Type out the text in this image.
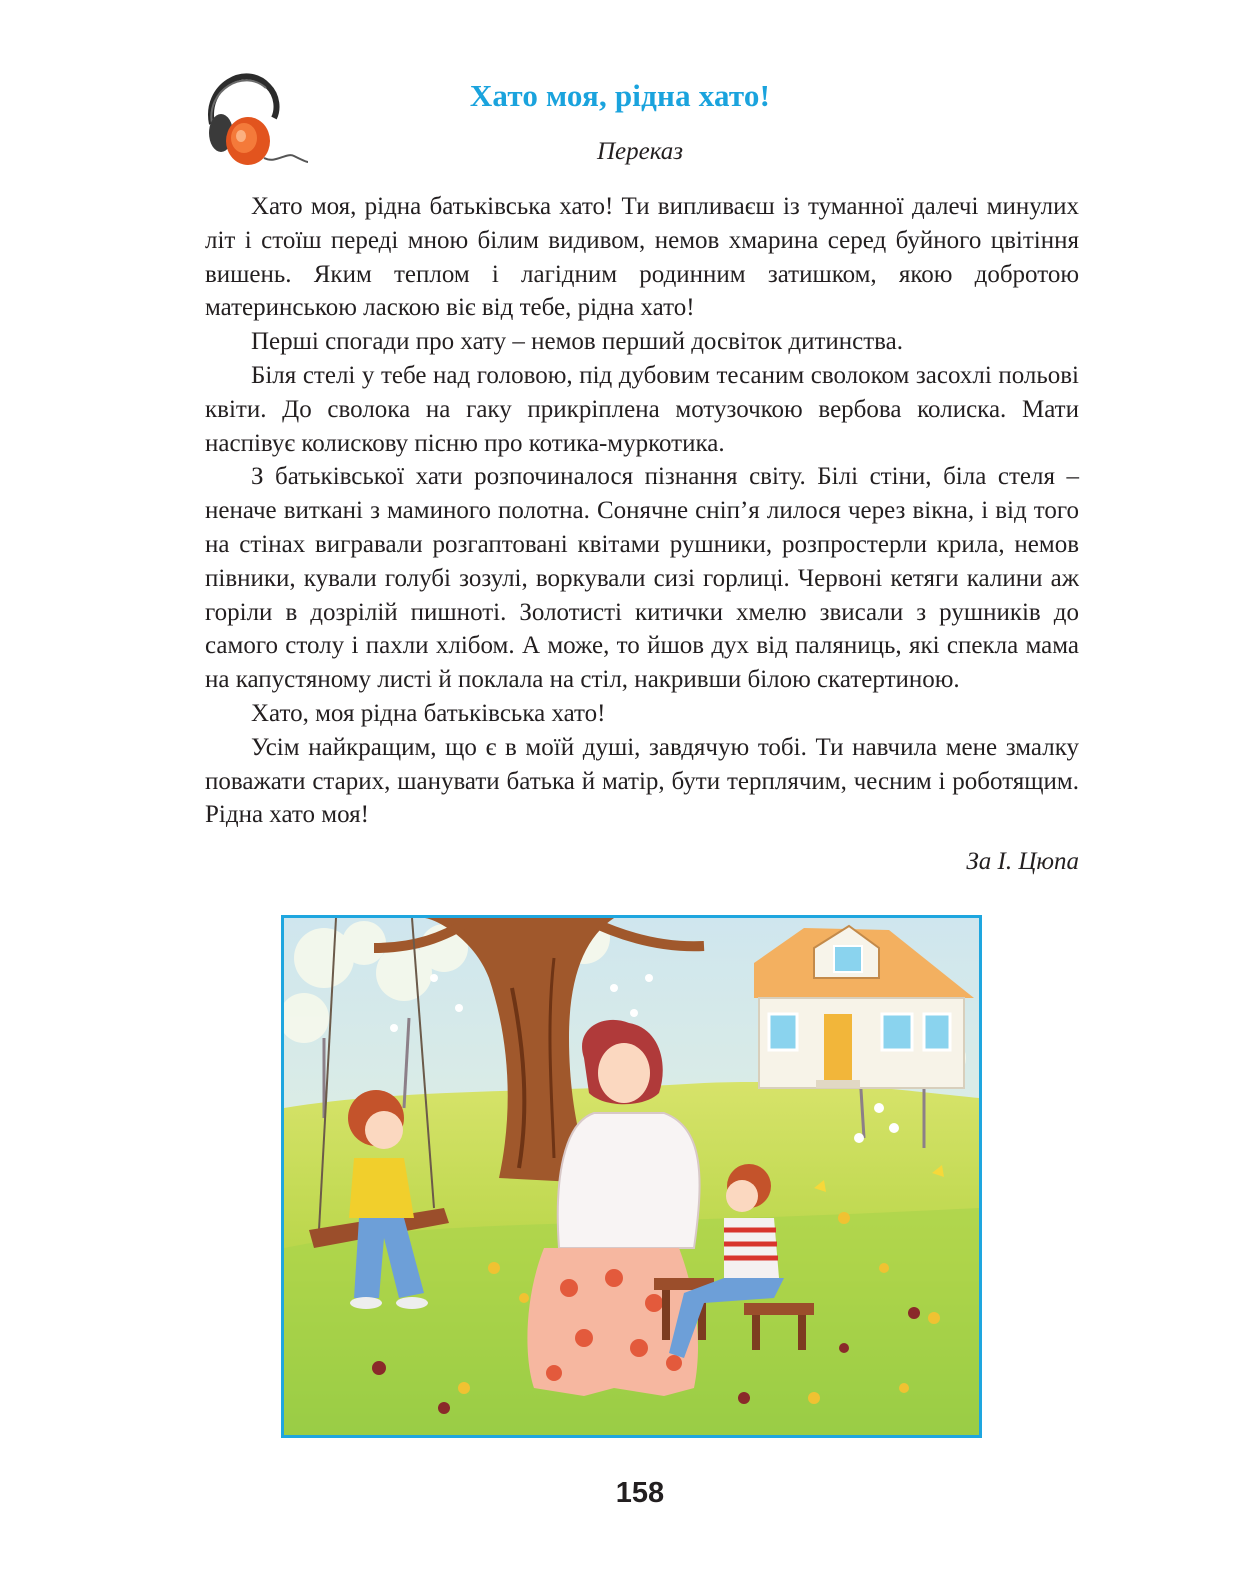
Хато моя, рідна хато!
Переказ

Хато моя, рідна батьківська хато! Ти випливаєш із туманної далечі минулих літ і стоїш переді мною білим видивом, немов хмарина серед буйного цвітіння вишень. Яким теплом і лагідним родинним затишком, якою добротою материнською ласкою віє від тебе, рідна хато!

Перші спогади про хату – немов перший досвіток дитинства.

Біля стелі у тебе над головою, під дубовим тесаним сволоком засохлі польові квіти. До сволока на гаку прикріплена мотузочкою вербова колиска. Мати наспівує колискову пісню про котика-муркотика.

З батьківської хати розпочиналося пізнання світу. Білі стіни, біла стеля – неначе виткані з маминого полотна. Сонячне сніп’я лилося через вікна, і від того на стінах вигравали розгаптовані квітами рушники, розпростерли крила, немов півники, кували голубі зозулі, воркували сизі горлиці. Червоні кетяги калини аж горіли в дозрілій пишноті. Золотисті китички хмелю звисали з рушників до самого столу і пахли хлібом. А може, то йшов дух від паляниць, які спекла мама на капустяному листі й поклала на стіл, накривши білою скатертиною.

Хато, моя рідна батьківська хато!

Усім найкращим, що є в моїй душі, завдячую тобі. Ти навчила мене змалку поважати старих, шанувати батька й матір, бути терплячим, чесним і роботящим. Рідна хато моя!

За І. Цюпа
158
